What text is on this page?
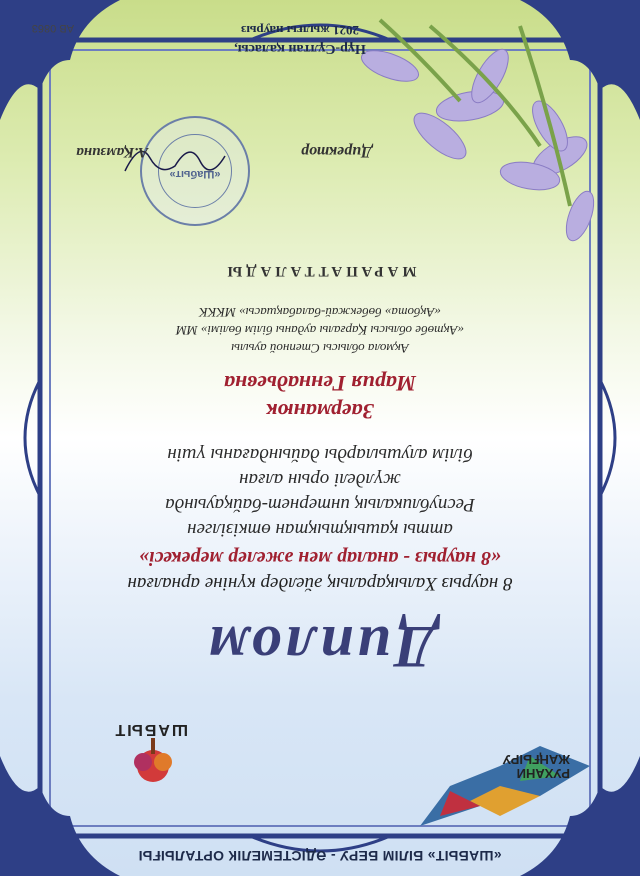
«ШАБЫТ» БІЛІМ БЕРУ - ӘДІСТЕМЕЛІК ОРТАЛЫҒЫ
РУХАНИ
ЖАҢҒЫРУ
ШАБЫТ
Диплом
8 наурыз Халықаралық әйелдер күніне арналған
«8 наурыз - аналар мен әжелер мерекесі»
атты қашықтықтан өткізілген
Республикалық интернет-байқауында
жүлделі орын алған
білім алушыларды дайындағаны үшін
Заерманюк
Мария Геннадьевна
Ақмола облысы Степной ауылы
«Ақтөбе облысы Қарғалы ауданы білім бөлімі» ММ
«Ақбота» бөбекжай-балабақшасы» МККК
МАРАПАТТАЛАДЫ
«Шабыт»
Директор
А.Қамзина
Нұр-Сұлтан қаласы,
2021 жылғы наурыз
АВ 0863
